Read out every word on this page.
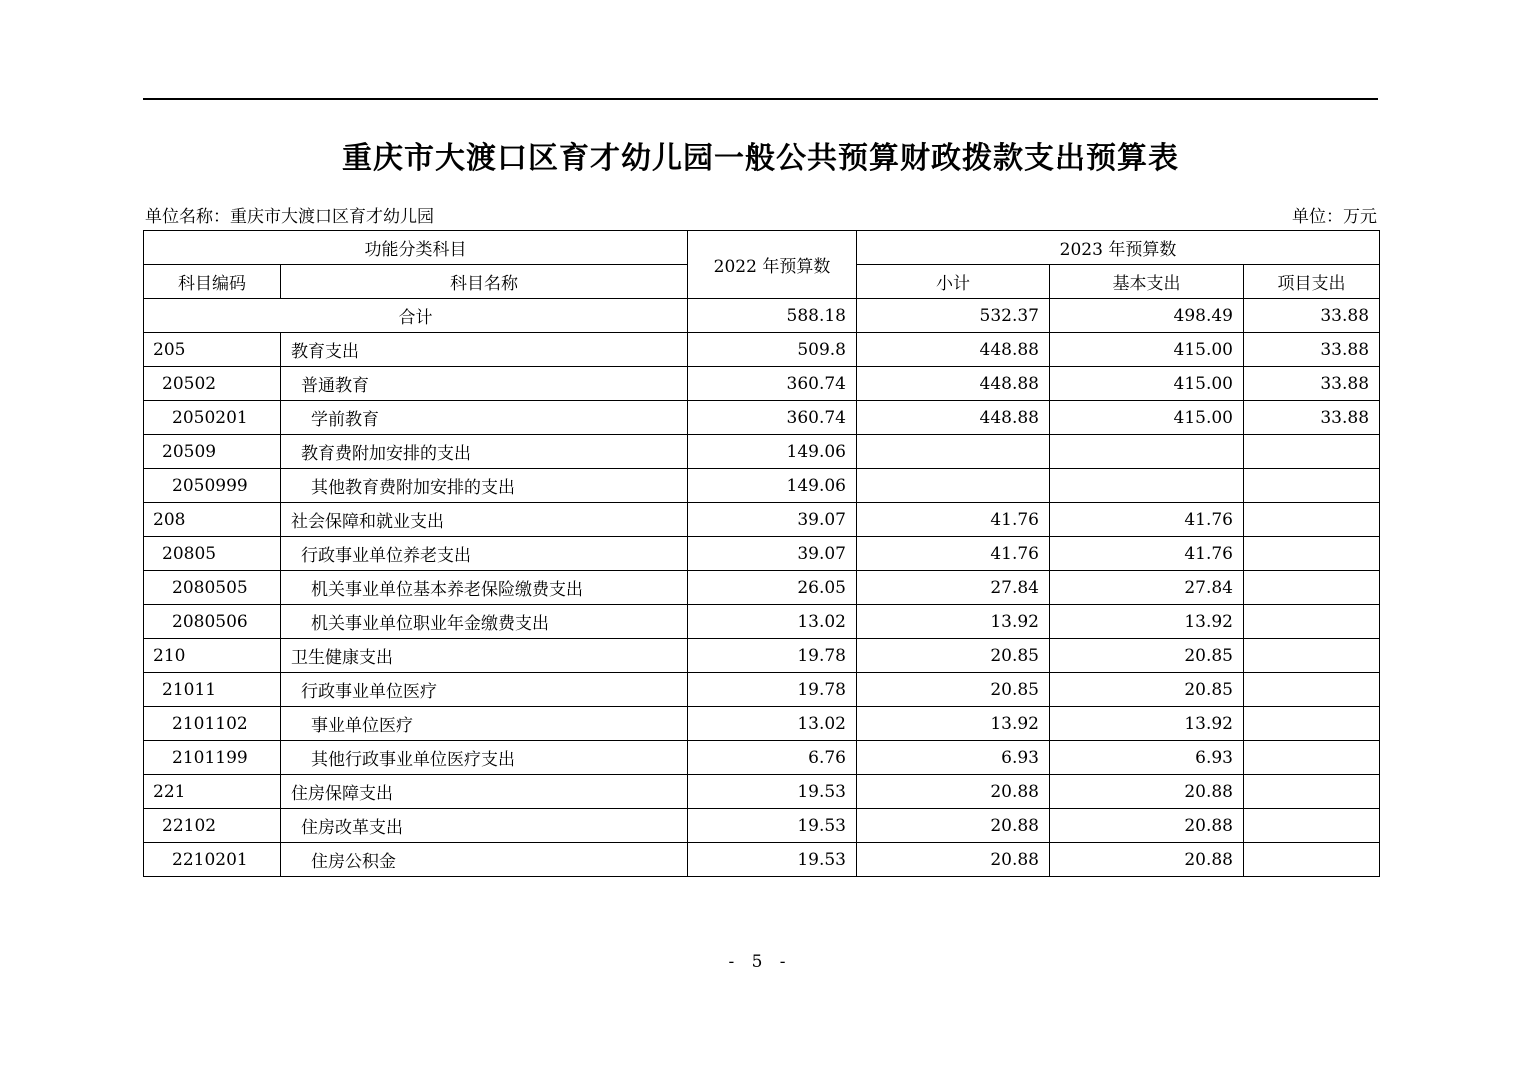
重庆市大渡口区育才幼儿园一般公共预算财政拨款支出预算表
单位名称：重庆市大渡口区育才幼儿园	单位：万元
功能分类科目		2022 年预算数	2023 年预算数		
科目编码	科目名称		小计	基本支出	项目支出
合计		588.18	532.37	498.49	33.88
205	教育支出	509.8	448.88	415.00	33.88
20502	普通教育	360.74	448.88	415.00	33.88
2050201	学前教育	360.74	448.88	415.00	33.88
20509	教育费附加安排的支出	149.06			
2050999	其他教育费附加安排的支出	149.06			
208	社会保障和就业支出	39.07	41.76	41.76	
20805	行政事业单位养老支出	39.07	41.76	41.76	
2080505	机关事业单位基本养老保险缴费支出	26.05	27.84	27.84	
2080506	机关事业单位职业年金缴费支出	13.02	13.92	13.92	
210	卫生健康支出	19.78	20.85	20.85	
21011	行政事业单位医疗	19.78	20.85	20.85	
2101102	事业单位医疗	13.02	13.92	13.92	
2101199	其他行政事业单位医疗支出	6.76	6.93	6.93	
221	住房保障支出	19.53	20.88	20.88	
22102	住房改革支出	19.53	20.88	20.88	
2210201	住房公积金	19.53	20.88	20.88	
- 5 -
